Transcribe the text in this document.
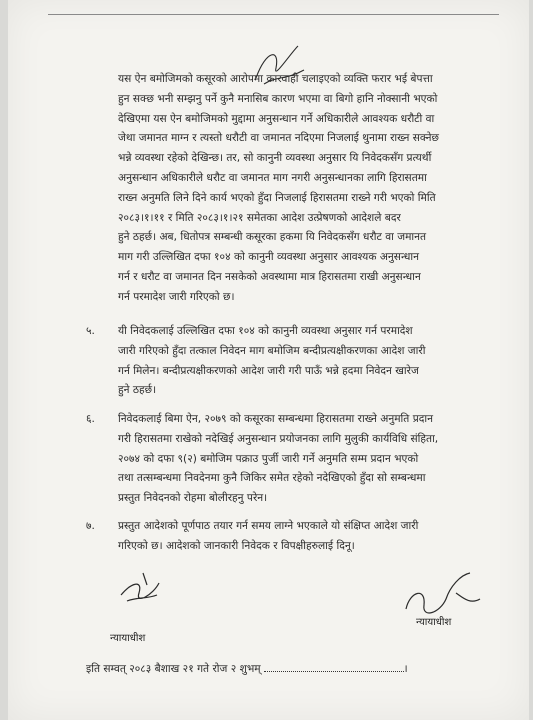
यस ऐन बमोजिमको कसूरको आरोपमा कारवाही चलाइएको व्यक्ति फरार भई बेपत्ता
हुन सक्छ भनी सम्झनु पर्ने कुनै मनासिब कारण भएमा वा बिगो हानि नोक्सानी भएको
देखिएमा यस ऐन बमोजिमको मुद्दामा अनुसन्धान गर्ने अधिकारीले आवश्यक धरौटी वा
जेथा जमानत माग्न र त्यस्तो धरौटी वा जमानत नदिएमा निजलाई थुनामा राख्न सक्नेछ
भन्ने व्यवस्था रहेको देखिन्छ। तर, सो कानुनी व्यवस्था अनुसार यि निवेदकसँग प्रत्यर्थी
अनुसन्धान अधिकारीले धरौट वा जमानत माग नगरी अनुसन्धानका लागि हिरासतमा
राख्न अनुमति लिने दिने कार्य भएको हुँदा निजलाई हिरासतमा राख्ने गरी भएको मिति
२०८३।१।११ र मिति २०८३।१।२१ समेतका आदेश उत्प्रेषणको आदेशले बदर
हुने ठहर्छ। अब, धितोपत्र सम्बन्धी कसूरका हकमा यि निवेदकसँग धरौट वा जमानत
माग गरी उल्लिखित दफा १०४ को कानुनी व्यवस्था अनुसार आवश्यक अनुसन्धान
गर्न र धरौट वा जमानत दिन नसकेको अवस्थामा मात्र हिरासतमा राखी अनुसन्धान
गर्न परमादेश जारी गरिएको छ।
५.	यी निवेदकलाई उल्लिखित दफा १०४ को कानुनी व्यवस्था अनुसार गर्न परमादेश
जारी गरिएको हुँदा तत्काल निवेदन माग बमोजिम बन्दीप्रत्यक्षीकरणका आदेश जारी
गर्न मिलेन। बन्दीप्रत्यक्षीकरणको आदेश जारी गरी पाऊँ भन्ने हदमा निवेदन खारेज
हुने ठहर्छ।
६.	निवेदकलाई बिमा ऐन, २०७९ को कसूरका सम्बन्धमा हिरासतमा राख्ने अनुमति प्रदान
गरी हिरासतमा राखेको नदेखिई अनुसन्धान प्रयोजनका लागि मुलुकी कार्यविधि संहिता,
२०७४ को दफा ९(२) बमोजिम पक्राउ पुर्जी जारी गर्ने अनुमति सम्म प्रदान भएको
तथा तत्सम्बन्धमा निवदेनमा कुनै जिकिर समेत रहेको नदेखिएको हुँदा सो सम्बन्धमा
प्रस्तुत निवेदनको रोहमा बोलीरहनु परेन।
७.	प्रस्तुत आदेशको पूर्णपाठ तयार गर्न समय लाग्ने भएकाले यो संक्षिप्त आदेश जारी
गरिएको छ। आदेशको जानकारी निवेदक र विपक्षीहरुलाई दिनू।
न्यायाधीश
न्यायाधीश
इति सम्वत् २०८३ बैशाख २१ गते रोज २ शुभम्	।
